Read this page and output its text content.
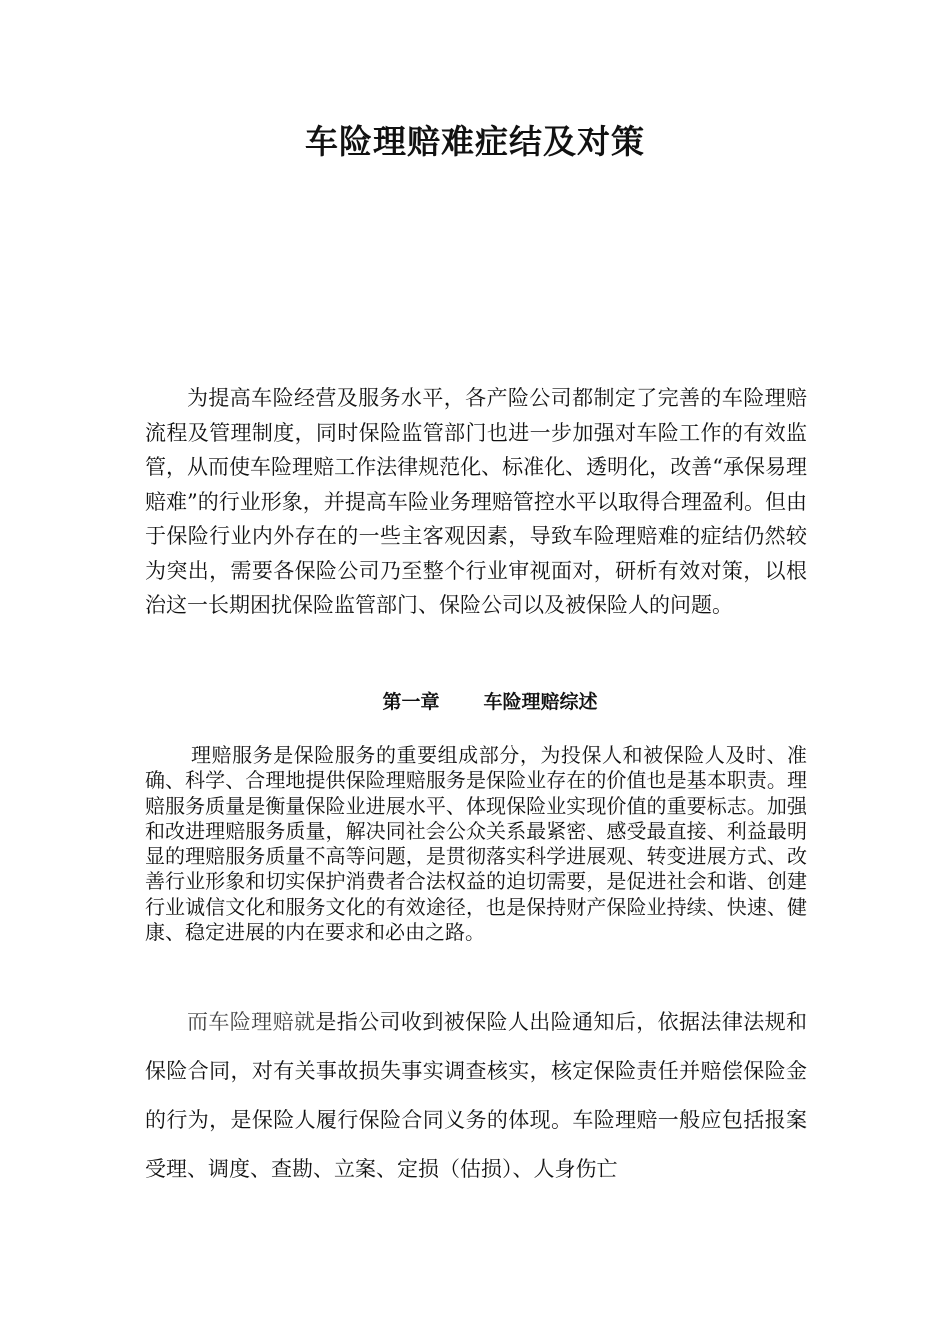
车险理赔难症结及对策

为提高车险经营及服务水平，各产险公司都制定了完善的车险理赔流程及管理制度，同时保险监管部门也进一步加强对车险工作的有效监管，从而使车险理赔工作法律规范化、标准化、透明化，改善“承保易理赔难”的行业形象，并提高车险业务理赔管控水平以取得合理盈利。但由于保险行业内外存在的一些主客观因素，导致车险理赔难的症结仍然较为突出，需要各保险公司乃至整个行业审视面对，研析有效对策，以根治这一长期困扰保险监管部门、保险公司以及被保险人的问题。

第一章 车险理赔综述

理赔服务是保险服务的重要组成部分，为投保人和被保险人及时、准确、科学、合理地提供保险理赔服务是保险业存在的价值也是基本职责。理赔服务质量是衡量保险业进展水平、体现保险业实现价值的重要标志。加强和改进理赔服务质量，解决同社会公众关系最紧密、感受最直接、利益最明显的理赔服务质量不高等问题，是贯彻落实科学进展观、转变进展方式、改善行业形象和切实保护消费者合法权益的迫切需要，是促进社会和谐、创建行业诚信文化和服务文化的有效途径，也是保持财产保险业持续、快速、健康、稳定进展的内在要求和必由之路。

而车险理赔就是指公司收到被保险人出险通知后，依据法律法规和保险合同，对有关事故损失事实调查核实，核定保险责任并赔偿保险金的行为，是保险人履行保险合同义务的体现。车险理赔一般应包括报案受理、调度、查勘、立案、定损（估损）、人身伤亡
